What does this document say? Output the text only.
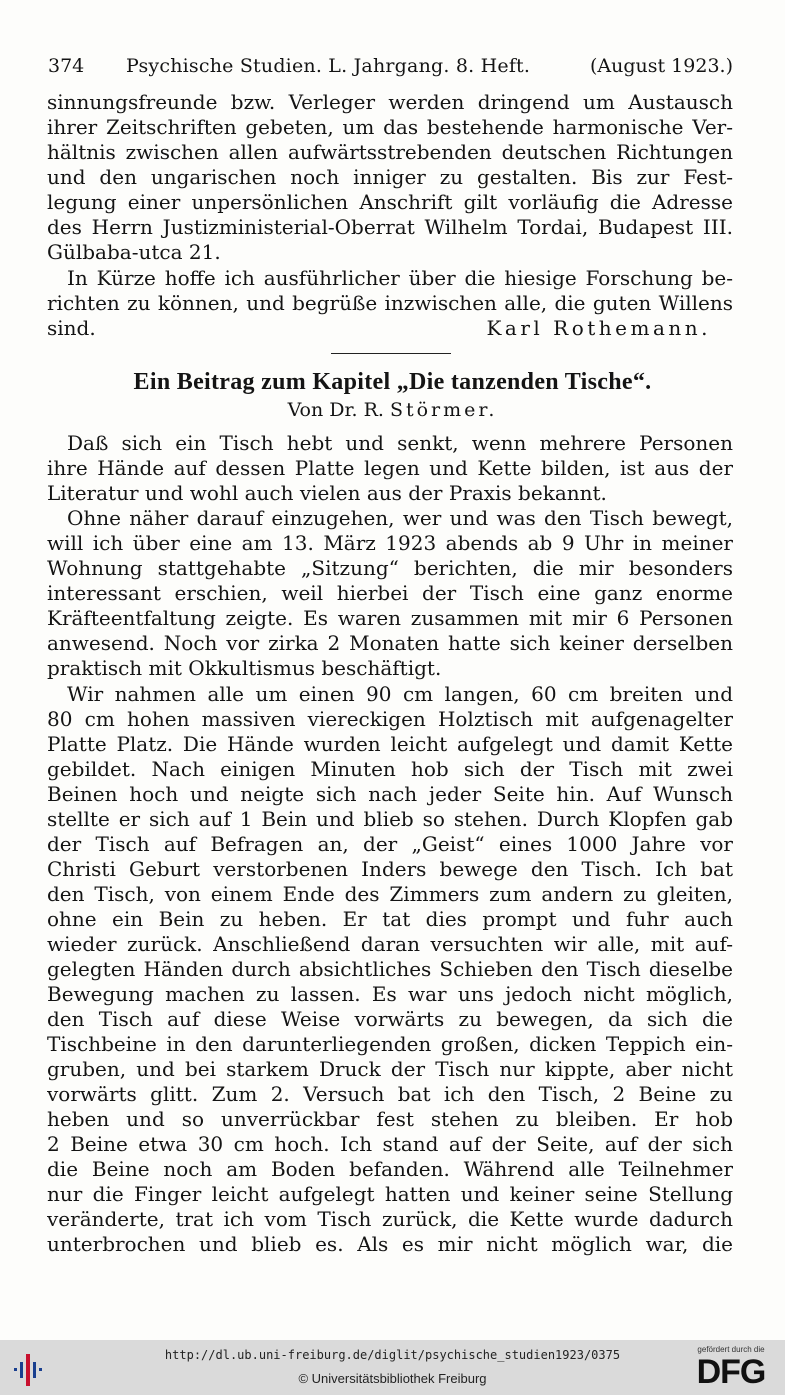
374 Psychische Studien. L. Jahrgang. 8. Heft.	(August 1923.)
sinnungsfreunde bzw. Verleger werden dringend um Austausch
ihrer Zeitschriften gebeten, um das bestehende harmonische Ver-
hältnis zwischen allen aufwärtsstrebenden deutschen Richtungen
und den ungarischen noch inniger zu gestalten. Bis zur Fest-
legung einer unpersönlichen Anschrift gilt vorläufig die Adresse
des Herrn Justizministerial-Oberrat Wilhelm Tordai, Budapest III.
Gülbaba-utca 21.
In Kürze hoffe ich ausführlicher über die hiesige Forschung be-
richten zu können, und begrüße inzwischen alle, die guten Willens
sind.	Karl Rothemann.
Ein Beitrag zum Kapitel „Die tanzenden Tische“.
Von Dr. R. Störmer.
Daß sich ein Tisch hebt und senkt, wenn mehrere Personen
ihre Hände auf dessen Platte legen und Kette bilden, ist aus der
Literatur und wohl auch vielen aus der Praxis bekannt.
Ohne näher darauf einzugehen, wer und was den Tisch bewegt,
will ich über eine am 13. März 1923 abends ab 9 Uhr in meiner
Wohnung stattgehabte „Sitzung“ berichten, die mir besonders
interessant erschien, weil hierbei der Tisch eine ganz enorme
Kräfteentfaltung zeigte. Es waren zusammen mit mir 6 Personen
anwesend. Noch vor zirka 2 Monaten hatte sich keiner derselben
praktisch mit Okkultismus beschäftigt.
Wir nahmen alle um einen 90 cm langen, 60 cm breiten und
80 cm hohen massiven viereckigen Holztisch mit aufgenagelter
Platte Platz. Die Hände wurden leicht aufgelegt und damit Kette
gebildet. Nach einigen Minuten hob sich der Tisch mit zwei
Beinen hoch und neigte sich nach jeder Seite hin. Auf Wunsch
stellte er sich auf 1 Bein und blieb so stehen. Durch Klopfen gab
der Tisch auf Befragen an, der „Geist“ eines 1000 Jahre vor
Christi Geburt verstorbenen Inders bewege den Tisch. Ich bat
den Tisch, von einem Ende des Zimmers zum andern zu gleiten,
ohne ein Bein zu heben. Er tat dies prompt und fuhr auch
wieder zurück. Anschließend daran versuchten wir alle, mit auf-
gelegten Händen durch absichtliches Schieben den Tisch dieselbe
Bewegung machen zu lassen. Es war uns jedoch nicht möglich,
den Tisch auf diese Weise vorwärts zu bewegen, da sich die
Tischbeine in den darunterliegenden großen, dicken Teppich ein-
gruben, und bei starkem Druck der Tisch nur kippte, aber nicht
vorwärts glitt. Zum 2. Versuch bat ich den Tisch, 2 Beine zu
heben und so unverrückbar fest stehen zu bleiben. Er hob
2 Beine etwa 30 cm hoch. Ich stand auf der Seite, auf der sich
die Beine noch am Boden befanden. Während alle Teilnehmer
nur die Finger leicht aufgelegt hatten und keiner seine Stellung
veränderte, trat ich vom Tisch zurück, die Kette wurde dadurch
unterbrochen und blieb es. Als es mir nicht möglich war, die
http://dl.ub.uni-freiburg.de/diglit/psychische_studien1923/0375
© Universitätsbibliothek Freiburg
gefördert durch die
DFG
